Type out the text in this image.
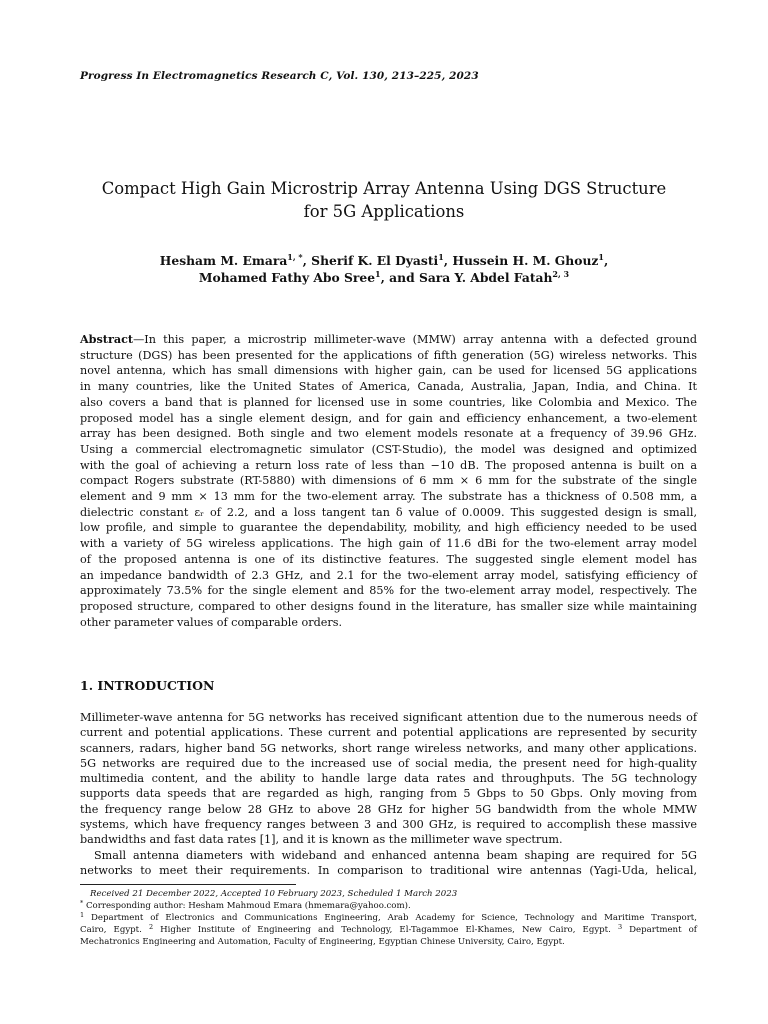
Progress In Electromagnetics Research C, Vol. 130, 213–225, 2023
Compact High Gain Microstrip Array Antenna Using DGS Structure
for 5G Applications
Hesham M. Emara$^{1, *}$, Sherif K. El Dyasti$^1$, Hussein H. M. Ghouz$^1$,
Mohamed Fathy Abo Sree$^1$, and Sara Y. Abdel Fatah$^{2, 3}$
Abstract—In this paper, a microstrip millimeter-wave (MMW) array antenna with a defected ground
structure (DGS) has been presented for the applications of fifth generation (5G) wireless networks. This
novel antenna, which has small dimensions with higher gain, can be used for licensed 5G applications
in many countries, like the United States of America, Canada, Australia, Japan, India, and China. It
also covers a band that is planned for licensed use in some countries, like Colombia and Mexico. The
proposed model has a single element design, and for gain and efficiency enhancement, a two-element
array has been designed. Both single and two element models resonate at a frequency of 39.96 GHz.
Using a commercial electromagnetic simulator (CST-Studio), the model was designed and optimized
with the goal of achieving a return loss rate of less than −10 dB. The proposed antenna is built on a
compact Rogers substrate (RT-5880) with dimensions of 6 mm × 6 mm for the substrate of the single
element and 9 mm × 13 mm for the two-element array. The substrate has a thickness of 0.508 mm, a
dielectric constant εᵣ of 2.2, and a loss tangent tan δ value of 0.0009. This suggested design is small,
low profile, and simple to guarantee the dependability, mobility, and high efficiency needed to be used
with a variety of 5G wireless applications. The high gain of 11.6 dBi for the two-element array model
of the proposed antenna is one of its distinctive features. The suggested single element model has
an impedance bandwidth of 2.3 GHz, and 2.1 for the two-element array model, satisfying efficiency of
approximately 73.5% for the single element and 85% for the two-element array model, respectively. The
proposed structure, compared to other designs found in the literature, has smaller size while maintaining
other parameter values of comparable orders.
1. INTRODUCTION
Millimeter-wave antenna for 5G networks has received significant attention due to the numerous needs of
current and potential applications. These current and potential applications are represented by security
scanners, radars, higher band 5G networks, short range wireless networks, and many other applications.
5G networks are required due to the increased use of social media, the present need for high-quality
multimedia content, and the ability to handle large data rates and throughputs. The 5G technology
supports data speeds that are regarded as high, ranging from 5 Gbps to 50 Gbps. Only moving from
the frequency range below 28 GHz to above 28 GHz for higher 5G bandwidth from the whole MMW
systems, which have frequency ranges between 3 and 300 GHz, is required to accomplish these massive
bandwidths and fast data rates [1], and it is known as the millimeter wave spectrum.
Small antenna diameters with wideband and enhanced antenna beam shaping are required for 5G
networks to meet their requirements. In comparison to traditional wire antennas (Yagi-Uda, helical,
Received 21 December 2022, Accepted 10 February 2023, Scheduled 1 March 2023
* Corresponding author: Hesham Mahmoud Emara (hmemara@yahoo.com).
$^1$ Department of Electronics and Communications Engineering, Arab Academy for Science, Technology and Maritime Transport,
Cairo, Egypt. $^2$ Higher Institute of Engineering and Technology, El-Tagammoe El-Khames, New Cairo, Egypt. $^3$ Department of
Mechatronics Engineering and Automation, Faculty of Engineering, Egyptian Chinese University, Cairo, Egypt.
